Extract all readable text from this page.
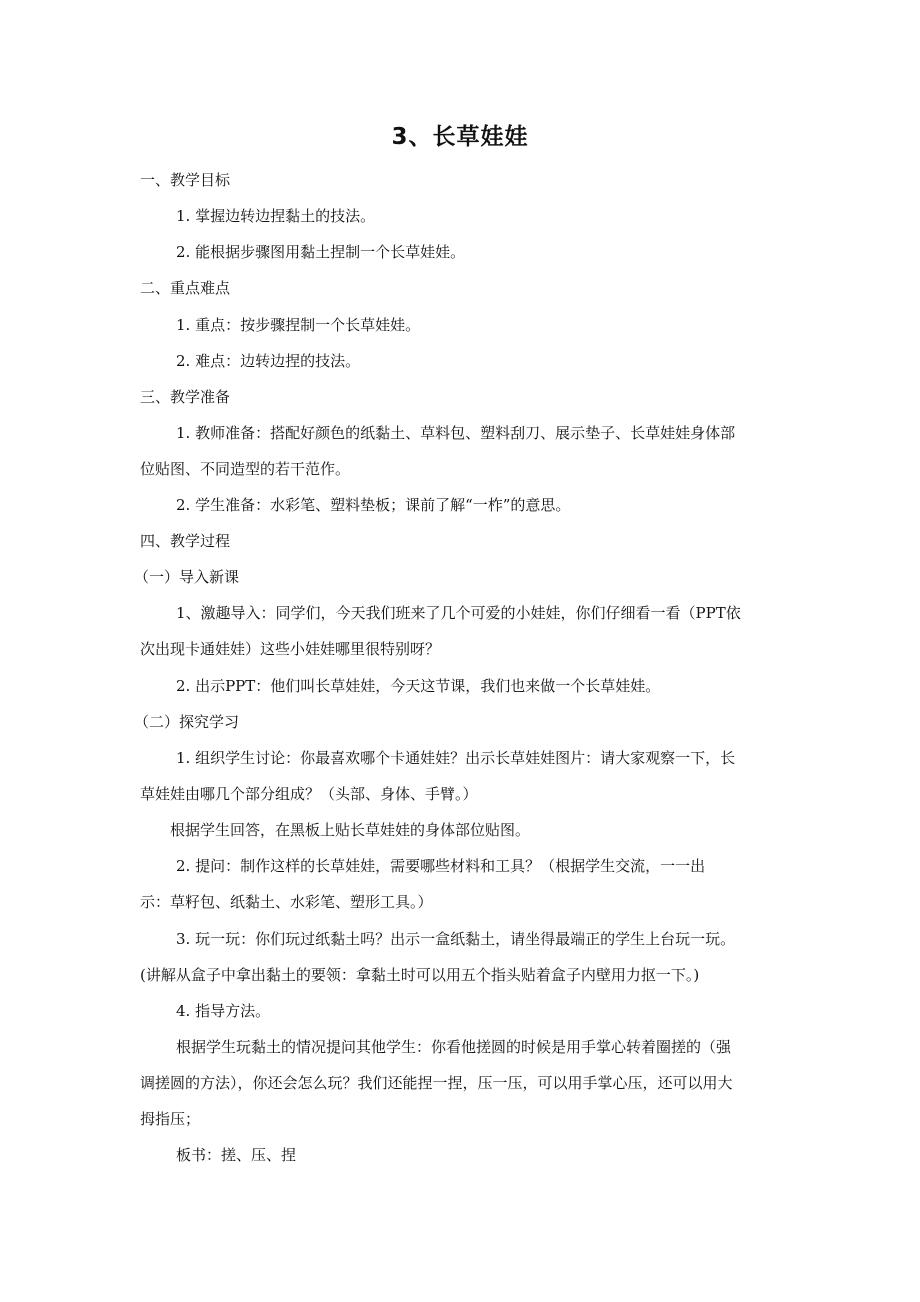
3、长草娃娃
一、教学目标
1. 掌握边转边捏黏土的技法。
2. 能根据步骤图用黏土捏制一个长草娃娃。
二、重点难点
1. 重点：按步骤捏制一个长草娃娃。
2. 难点：边转边捏的技法。
三、教学准备
1. 教师准备：搭配好颜色的纸黏土、草料包、塑料刮刀、展示垫子、长草娃娃身体部
位贴图、不同造型的若干范作。
2. 学生准备：水彩笔、塑料垫板；课前了解“一柞”的意思。
四、教学过程
（一）导入新课
1、激趣导入：同学们，今天我们班来了几个可爱的小娃娃，你们仔细看一看（PPT依
次出现卡通娃娃）这些小娃娃哪里很特别呀？
2. 出示PPT：他们叫长草娃娃，今天这节课，我们也来做一个长草娃娃。
（二）探究学习
1. 组织学生讨论：你最喜欢哪个卡通娃娃？出示长草娃娃图片：请大家观察一下，长
草娃娃由哪几个部分组成？（头部、身体、手臂。）
根据学生回答，在黑板上贴长草娃娃的身体部位贴图。
2. 提问：制作这样的长草娃娃，需要哪些材料和工具？（根据学生交流，一一出
示：草籽包、纸黏土、水彩笔、塑形工具。）
3. 玩一玩：你们玩过纸黏土吗？出示一盒纸黏土，请坐得最端正的学生上台玩一玩。
(讲解从盒子中拿出黏土的要领：拿黏土时可以用五个指头贴着盒子内壁用力抠一下。)
4. 指导方法。
根据学生玩黏土的情况提问其他学生：你看他搓圆的时候是用手掌心转着圈搓的（强
调搓圆的方法），你还会怎么玩？我们还能捏一捏，压一压，可以用手掌心压，还可以用大
拇指压；
板书：搓、压、捏
